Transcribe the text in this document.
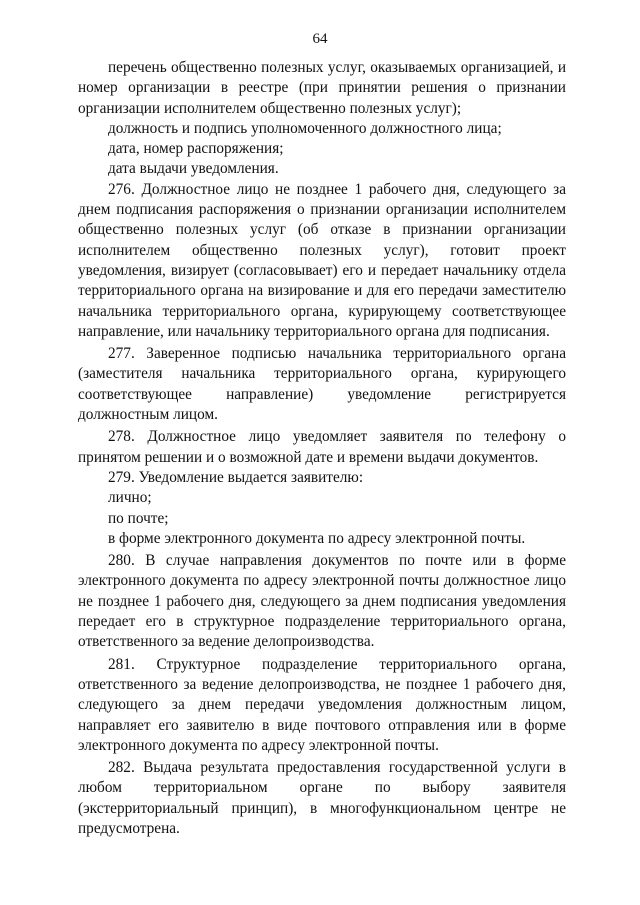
64

перечень общественно полезных услуг, оказываемых организацией, и номер организации в реестре (при принятии решения о признании организации исполнителем общественно полезных услуг);

должность и подпись уполномоченного должностного лица;

дата, номер распоряжения;

дата выдачи уведомления.

276. Должностное лицо не позднее 1 рабочего дня, следующего за днем подписания распоряжения о признании организации исполнителем общественно полезных услуг (об отказе в признании организации исполнителем общественно полезных услуг), готовит проект уведомления, визирует (согласовывает) его и передает начальнику отдела территориального органа на визирование и для его передачи заместителю начальника территориального органа, курирующему соответствующее направление, или начальнику территориального органа для подписания.

277. Заверенное подписью начальника территориального органа (заместителя начальника территориального органа, курирующего соответствующее направление) уведомление регистрируется должностным лицом.

278. Должностное лицо уведомляет заявителя по телефону о принятом решении и о возможной дате и времени выдачи документов.

279. Уведомление выдается заявителю:

лично;

по почте;

в форме электронного документа по адресу электронной почты.

280. В случае направления документов по почте или в форме электронного документа по адресу электронной почты должностное лицо не позднее 1 рабочего дня, следующего за днем подписания уведомления передает его в структурное подразделение территориального органа, ответственного за ведение делопроизводства.

281. Структурное подразделение территориального органа, ответственного за ведение делопроизводства, не позднее 1 рабочего дня, следующего за днем передачи уведомления должностным лицом, направляет его заявителю в виде почтового отправления или в форме электронного документа по адресу электронной почты.

282. Выдача результата предоставления государственной услуги в любом территориальном органе по выбору заявителя (экстерриториальный принцип), в многофункциональном центре не предусмотрена.
